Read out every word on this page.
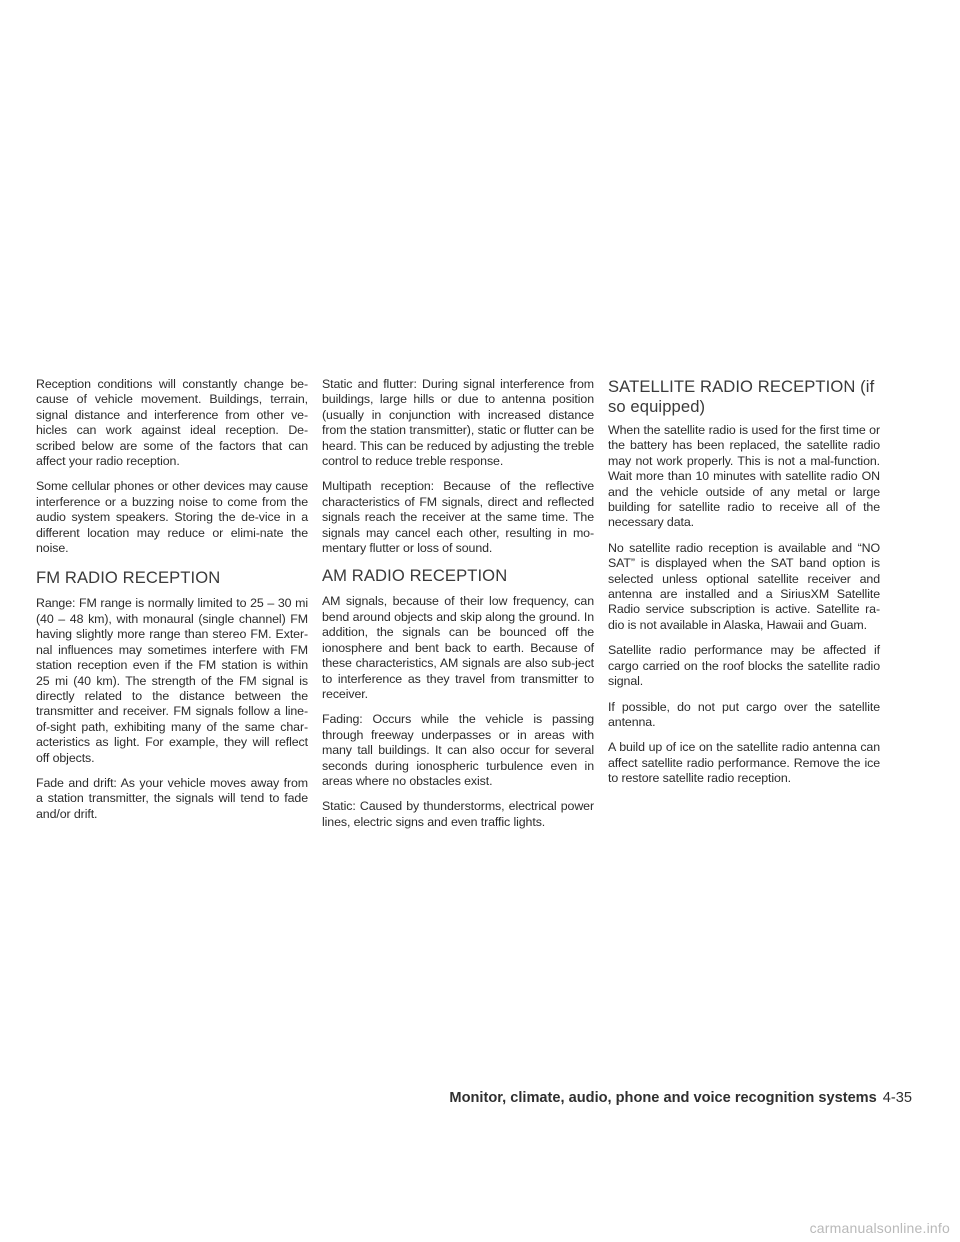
Reception conditions will constantly change be-cause of vehicle movement. Buildings, terrain, signal distance and interference from other ve-hicles can work against ideal reception. De-scribed below are some of the factors that can affect your radio reception.

Some cellular phones or other devices may cause interference or a buzzing noise to come from the audio system speakers. Storing the de-vice in a different location may reduce or elimi-nate the noise.

FM RADIO RECEPTION

Range: FM range is normally limited to 25 – 30 mi (40 – 48 km), with monaural (single channel) FM having slightly more range than stereo FM. Exter-nal influences may sometimes interfere with FM station reception even if the FM station is within 25 mi (40 km). The strength of the FM signal is directly related to the distance between the transmitter and receiver. FM signals follow a line-of-sight path, exhibiting many of the same char-acteristics as light. For example, they will reflect off objects.

Fade and drift: As your vehicle moves away from a station transmitter, the signals will tend to fade and/or drift.

Static and flutter: During signal interference from buildings, large hills or due to antenna position (usually in conjunction with increased distance from the station transmitter), static or flutter can be heard. This can be reduced by adjusting the treble control to reduce treble response.

Multipath reception: Because of the reflective characteristics of FM signals, direct and reflected signals reach the receiver at the same time. The signals may cancel each other, resulting in mo-mentary flutter or loss of sound.

AM RADIO RECEPTION

AM signals, because of their low frequency, can bend around objects and skip along the ground. In addition, the signals can be bounced off the ionosphere and bent back to earth. Because of these characteristics, AM signals are also sub-ject to interference as they travel from transmitter to receiver.

Fading: Occurs while the vehicle is passing through freeway underpasses or in areas with many tall buildings. It can also occur for several seconds during ionospheric turbulence even in areas where no obstacles exist.

Static: Caused by thunderstorms, electrical power lines, electric signs and even traffic lights.

SATELLITE RADIO RECEPTION (if so equipped)

When the satellite radio is used for the first time or the battery has been replaced, the satellite radio may not work properly. This is not a mal-function. Wait more than 10 minutes with satellite radio ON and the vehicle outside of any metal or large building for satellite radio to receive all of the necessary data.

No satellite radio reception is available and “NO SAT” is displayed when the SAT band option is selected unless optional satellite receiver and antenna are installed and a SiriusXM Satellite Radio service subscription is active. Satellite ra-dio is not available in Alaska, Hawaii and Guam.

Satellite radio performance may be affected if cargo carried on the roof blocks the satellite radio signal.

If possible, do not put cargo over the satellite antenna.

A build up of ice on the satellite radio antenna can affect satellite radio performance. Remove the ice to restore satellite radio reception.

Monitor, climate, audio, phone and voice recognition systems 4-35
carmanualsonline.info
